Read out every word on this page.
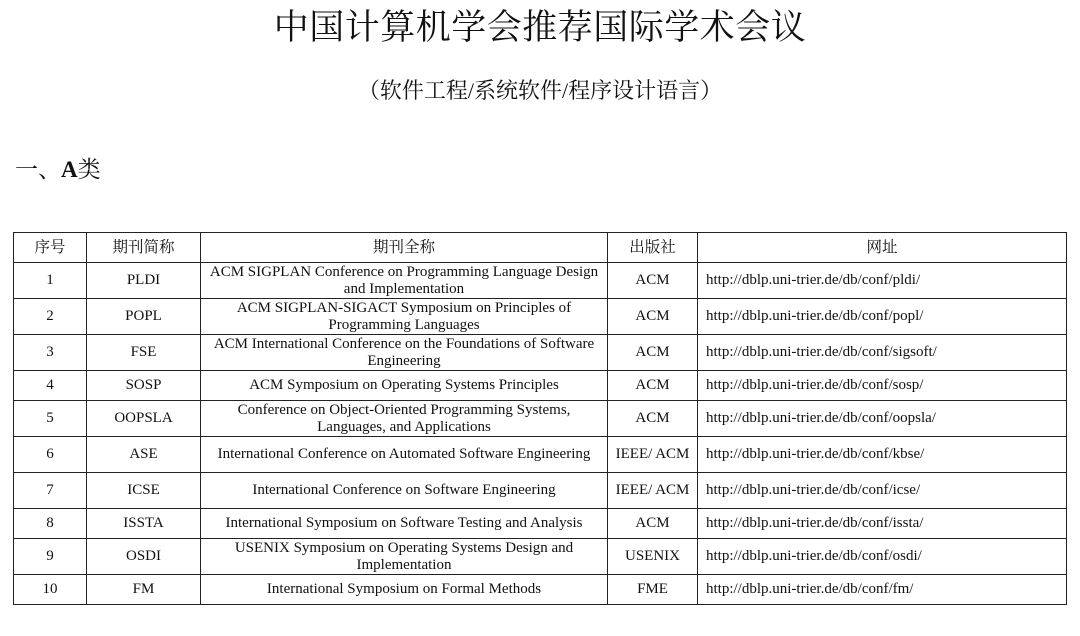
中国计算机学会推荐国际学术会议
（软件工程/系统软件/程序设计语言）
一、A类
序号	期刊简称	期刊全称	出版社	网址
1	PLDI	ACM SIGPLAN Conference on Programming Language Design and Implementation	ACM	http://dblp.uni-trier.de/db/conf/pldi/
2	POPL	ACM SIGPLAN-SIGACT Symposium on Principles of Programming Languages	ACM	http://dblp.uni-trier.de/db/conf/popl/
3	FSE	ACM International Conference on the Foundations of Software Engineering	ACM	http://dblp.uni-trier.de/db/conf/sigsoft/
4	SOSP	ACM Symposium on Operating Systems Principles	ACM	http://dblp.uni-trier.de/db/conf/sosp/
5	OOPSLA	Conference on Object-Oriented Programming Systems, Languages, and Applications	ACM	http://dblp.uni-trier.de/db/conf/oopsla/
6	ASE	International Conference on Automated Software Engineering	IEEE/ ACM	http://dblp.uni-trier.de/db/conf/kbse/
7	ICSE	International Conference on Software Engineering	IEEE/ ACM	http://dblp.uni-trier.de/db/conf/icse/
8	ISSTA	International Symposium on Software Testing and Analysis	ACM	http://dblp.uni-trier.de/db/conf/issta/
9	OSDI	USENIX Symposium on Operating Systems Design and Implementation	USENIX	http://dblp.uni-trier.de/db/conf/osdi/
10	FM	International Symposium on Formal Methods	FME	http://dblp.uni-trier.de/db/conf/fm/
